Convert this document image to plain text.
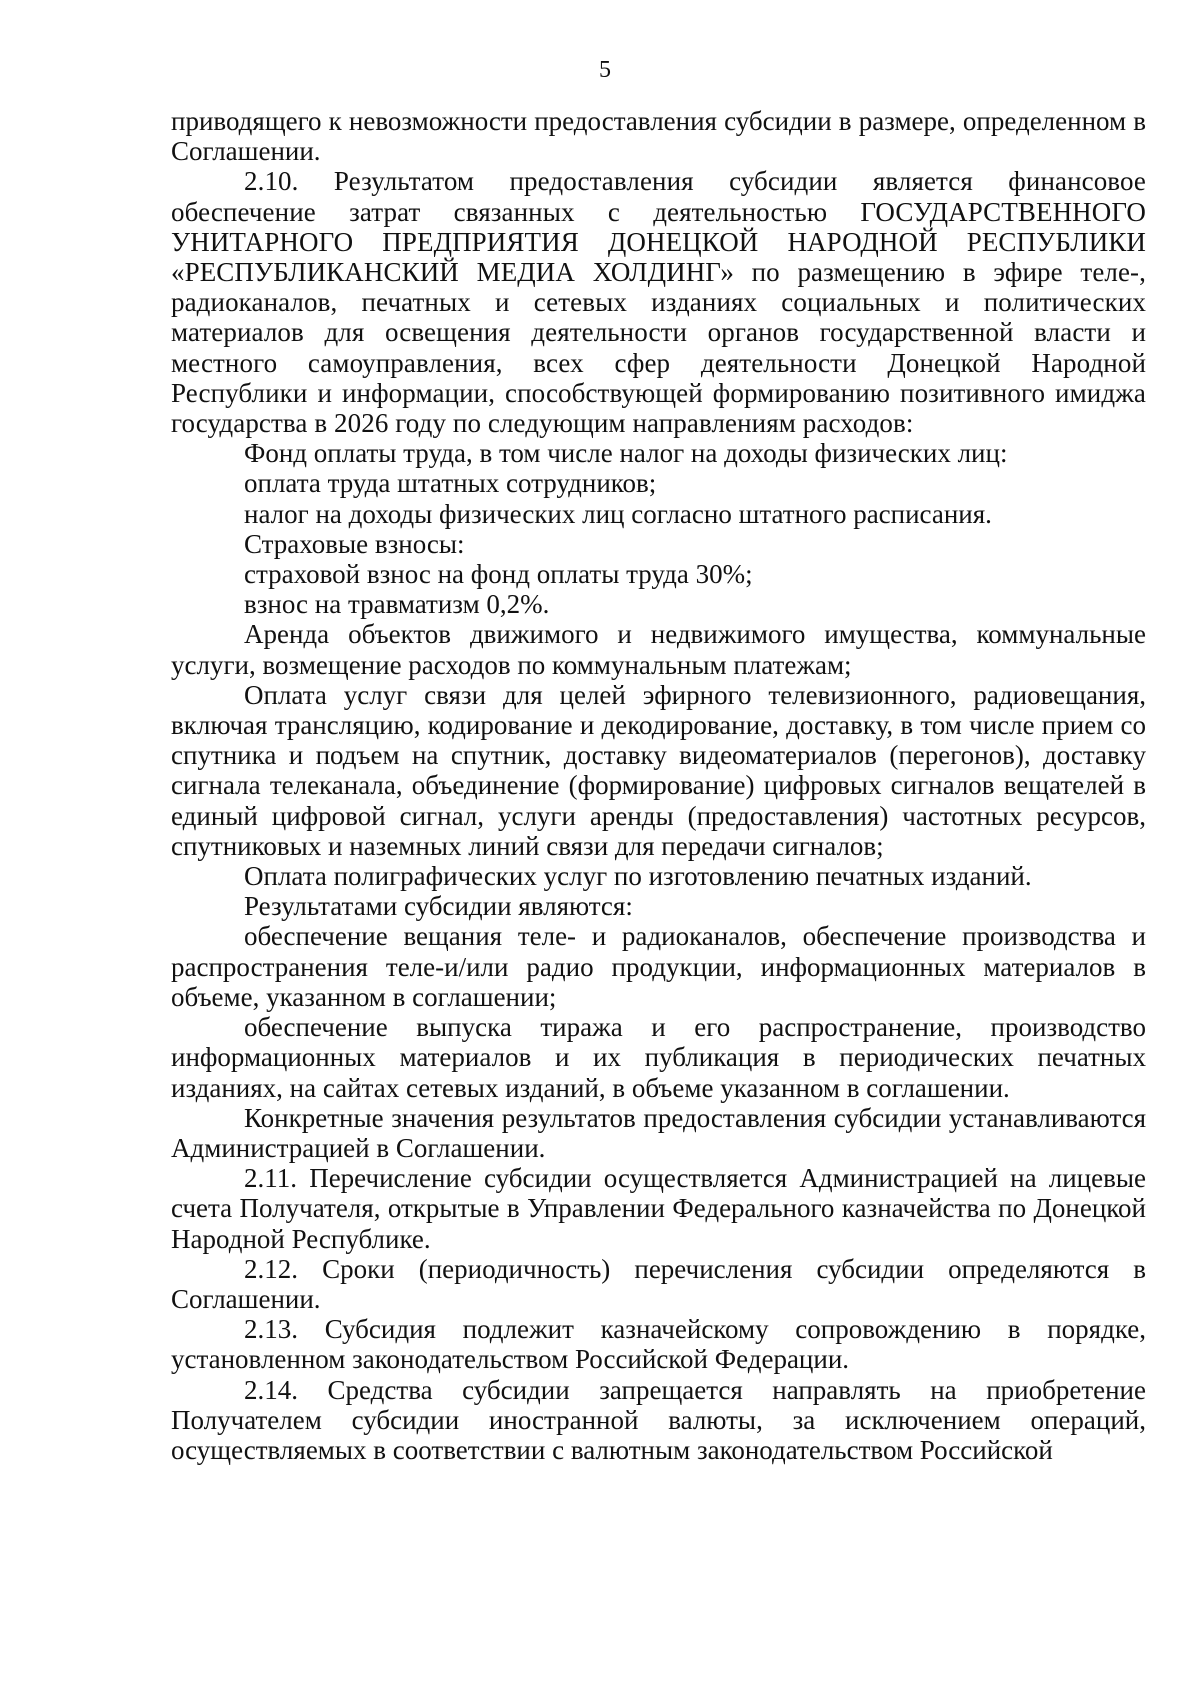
5

приводящего к невозможности предоставления субсидии в размере, определенном в Соглашении.

2.10. Результатом предоставления субсидии является финансовое обеспечение затрат связанных с деятельностью ГОСУДАРСТВЕННОГО УНИТАРНОГО ПРЕДПРИЯТИЯ ДОНЕЦКОЙ НАРОДНОЙ РЕСПУБЛИКИ «РЕСПУБЛИКАНСКИЙ МЕДИА ХОЛДИНГ» по размещению в эфире теле-, радиоканалов, печатных и сетевых изданиях социальных и политических материалов для освещения деятельности органов государственной власти и местного самоуправления, всех сфер деятельности Донецкой Народной Республики и информации, способствующей формированию позитивного имиджа государства в 2026 году по следующим направлениям расходов:

Фонд оплаты труда, в том числе налог на доходы физических лиц:

оплата труда штатных сотрудников;

налог на доходы физических лиц согласно штатного расписания.

Страховые взносы:

страховой взнос на фонд оплаты труда 30%;

взнос на травматизм 0,2%.

Аренда объектов движимого и недвижимого имущества, коммунальные услуги, возмещение расходов по коммунальным платежам;

Оплата услуг связи для целей эфирного телевизионного, радиовещания, включая трансляцию, кодирование и декодирование, доставку, в том числе прием со спутника и подъем на спутник, доставку видеоматериалов (перегонов), доставку сигнала телеканала, объединение (формирование) цифровых сигналов вещателей в единый цифровой сигнал, услуги аренды (предоставления) частотных ресурсов, спутниковых и наземных линий связи для передачи сигналов;

Оплата полиграфических услуг по изготовлению печатных изданий.

Результатами субсидии являются:

обеспечение вещания теле- и радиоканалов, обеспечение производства и распространения теле-и/или радио продукции, информационных материалов в объеме, указанном в соглашении;

обеспечение выпуска тиража и его распространение, производство информационных материалов и их публикация в периодических печатных изданиях, на сайтах сетевых изданий, в объеме указанном в соглашении.

Конкретные значения результатов предоставления субсидии устанавливаются Администрацией в Соглашении.

2.11. Перечисление субсидии осуществляется Администрацией на лицевые счета Получателя, открытые в Управлении Федерального казначейства по Донецкой Народной Республике.

2.12. Сроки (периодичность) перечисления субсидии определяются в Соглашении.

2.13. Субсидия подлежит казначейскому сопровождению в порядке, установленном законодательством Российской Федерации.

2.14. Средства субсидии запрещается направлять на приобретение Получателем субсидии иностранной валюты, за исключением операций, осуществляемых в соответствии с валютным законодательством Российской
